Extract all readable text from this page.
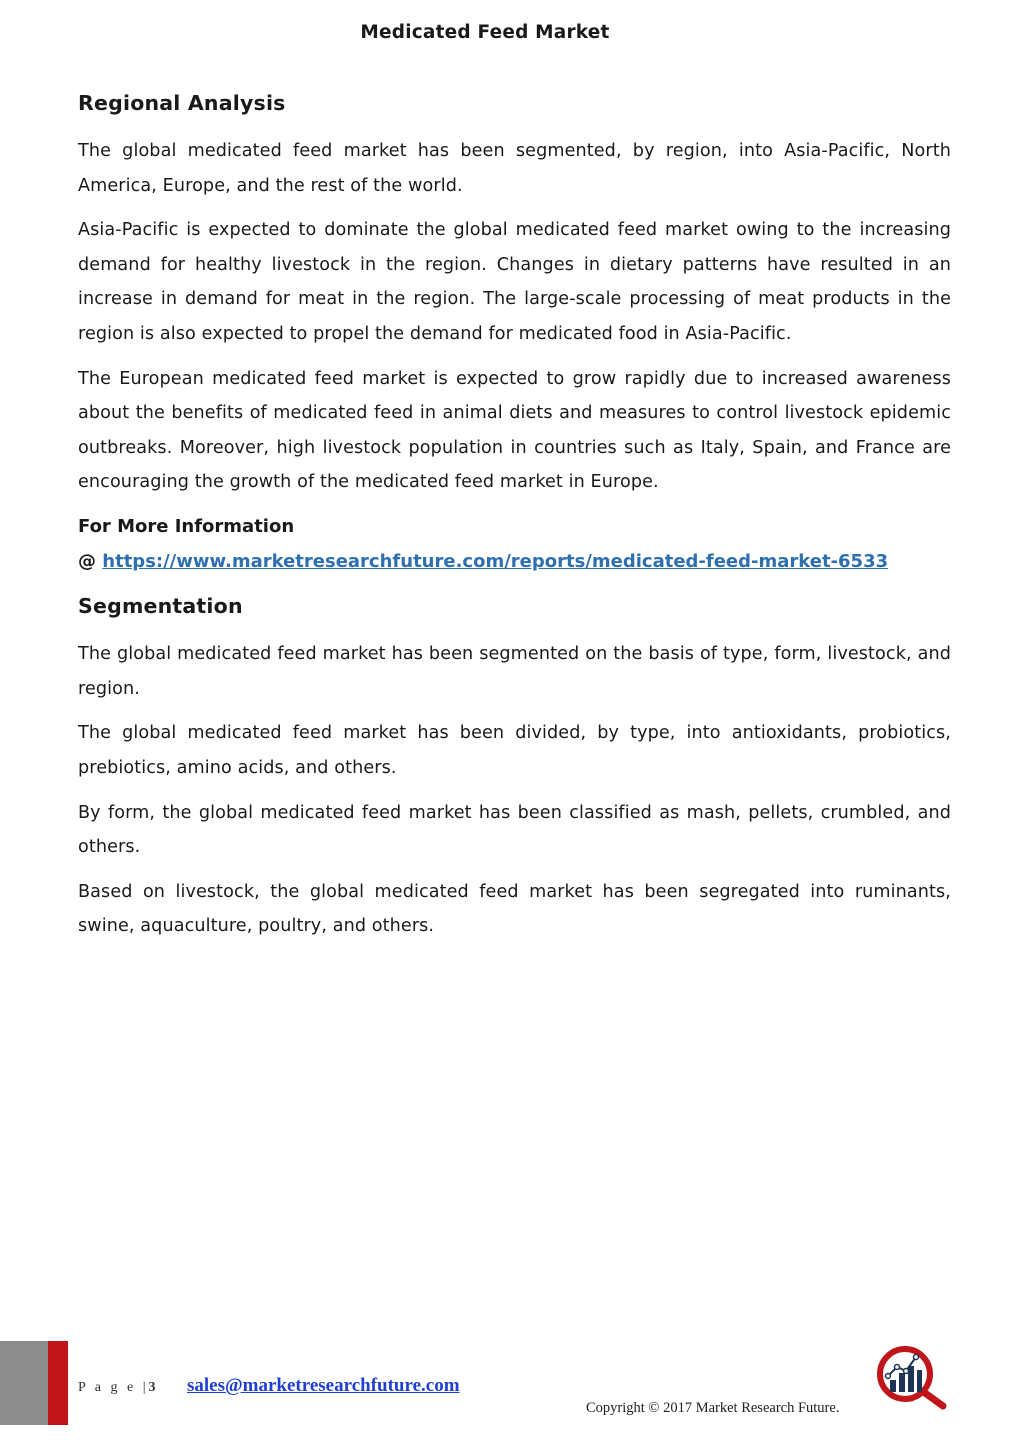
Medicated Feed Market
Regional Analysis

The global medicated feed market has been segmented, by region, into Asia-Pacific, North America, Europe, and the rest of the world.

Asia-Pacific is expected to dominate the global medicated feed market owing to the increasing demand for healthy livestock in the region. Changes in dietary patterns have resulted in an increase in demand for meat in the region. The large-scale processing of meat products in the region is also expected to propel the demand for medicated food in Asia-Pacific.

The European medicated feed market is expected to grow rapidly due to increased awareness about the benefits of medicated feed in animal diets and measures to control livestock epidemic outbreaks. Moreover, high livestock population in countries such as Italy, Spain, and France are encouraging the growth of the medicated feed market in Europe.

For More Information
@ https://www.marketresearchfuture.com/reports/medicated-feed-market-6533
Segmentation

The global medicated feed market has been segmented on the basis of type, form, livestock, and region.

The global medicated feed market has been divided, by type, into antioxidants, probiotics, prebiotics, amino acids, and others.

By form, the global medicated feed market has been classified as mash, pellets, crumbled, and others.

Based on livestock, the global medicated feed market has been segregated into ruminants, swine, aquaculture, poultry, and others.

P a g e |3 sales@marketresearchfuture.com
Copyright © 2017 Market Research Future.
